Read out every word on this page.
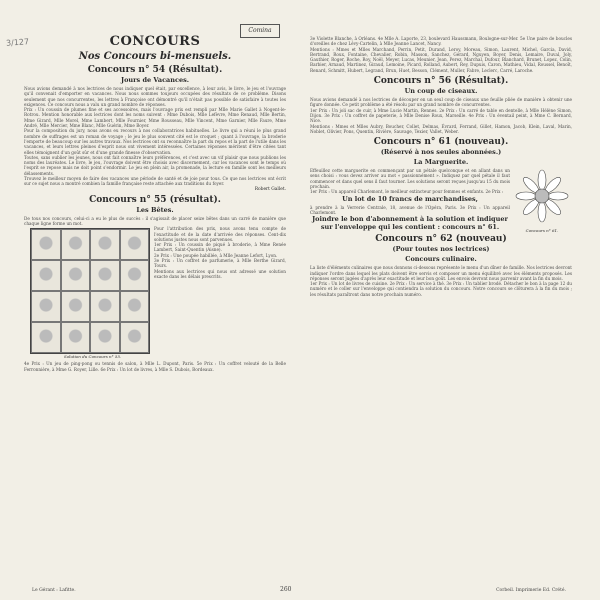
3/127
Comina
CONCOURS
Nos Concours bi-mensuels.
Concours n° 54 (Résultat).
Jours de Vacances.

Nous avions demandé à nos lectrices de nous indiquer quel était, par excellence, à leur avis, le livre, le jeu et l'ouvrage qu'il convenait d'emporter en vacances. Nous nous sommes toujours occupées des résultats de ce problème. Disons seulement que nos concurrentes, les lettres à Françoise ont démontré qu'il n'était pas possible de satisfaire à toutes les exigences. Ce concours nous a valu un grand nombre de réponses.

Prix : Un coussin de plumes fine et ses accessoires, mais l'ouvrage prix est rempli par Mlle Marie Gallet à Nogent-le-Rotrou. Mention honorable aux lectrices dont les noms suivent : Mme Dubois, Mlle Lefèvre, Mme Renaud, Mlle Bertin, Mme Girard, Mlle Morel, Mme Lambert, Mlle Fournier, Mme Rousseau, Mlle Vincent, Mme Garnier, Mlle Faure, Mme André, Mlle Mercier, Mme Blanc, Mlle Guérin, Mme Boyer.

Pour la composition du jury, nous avons eu recours à nos collaboratrices habituelles. Le livre qui a réuni le plus grand nombre de suffrages est un roman de voyage ; le jeu le plus souvent cité est le croquet ; quant à l'ouvrage, la broderie l'emporte de beaucoup sur les autres travaux. Nos lectrices ont su reconnaître la part du repos et la part de l'utile dans les vacances, et leurs lettres pleines d'esprit nous ont vivement intéressées. Certaines réponses méritent d'être citées tant elles témoignent d'un goût sûr et d'une grande finesse d'observation.

Toutes, sans oublier les jeunes, nous ont fait connaître leurs préférences, et c'est avec un vif plaisir que nous publions les noms des lauréates. Le livre, le jeu, l'ouvrage doivent être choisis avec discernement, car les vacances sont le temps où l'esprit se repose mais ne doit point s'endormir. Le jeu en plein air, la promenade, la lecture en famille sont les meilleurs délassements.

Trouvez le meilleur moyen de faire des vacances une période de santé et de joie pour tous. Ce que nos lectrices ont écrit sur ce sujet nous a montré combien la famille française reste attachée aux traditions du foyer.

Robert Gallet.
Concours n° 55 (résultat).
Les Bêtes.

De tous nos concours, celui-ci a eu le plus de succès : il s'agissait de placer seize bêtes dans un carré de manière que chaque ligne forme un mot.

Pour l'attribution des prix, nous avons tenu compte de l'exactitude et de la date d'arrivée des réponses. Cent-dix solutions justes nous sont parvenues.

1er Prix : Un coussin de piqué à broderie, à Mme Renée Lambert, Saint-Quentin (Aisne).

2e Prix : Une poupée habillée, à Mlle Jeanne Lefort, Lyon.

3e Prix : Un coffret de parfumerie, à Mlle Berthe Girard, Tours.

Mentions aux lectrices qui nous ont adressé une solution exacte dans les délais prescrits.

Solution du Concours n° 55.

4e Prix : Un jeu de ping-pong ou tennis de salon, à Mlle L. Dupont, Paris. 5e Prix : Un coffret velouté de la Belle Ferronnière, à Mme G. Royer, Lille. 6e Prix : Un lot de livres, à Mlle S. Dubois, Bordeaux.

3e Violette Blanche, à Orléans. 4e Mlle A. Laporte, 23, boulevard Haussmann, Boulogne-sur-Mer. 5e Une paire de boucles d'oreilles de chez Lévy-Cartelin, à Mlle Jeanne Lancet, Nancy.

Mentions : Mmes et Mlles Marchand, Perrin, Petit, Durand, Leroy, Moreau, Simon, Laurent, Michel, Garcia, David, Bertrand, Roux, Fontaine, Chevalier, Robin, Masson, Sanchez, Gérard, Nguyen, Boyer, Denis, Lemaire, Duval, Joly, Gauthier, Roger, Roche, Roy, Noël, Meyer, Lucas, Meunier, Jean, Perez, Marchal, Dufour, Blanchard, Brunet, Lopez, Colin, Barbier, Arnaud, Martinez, Giraud, Lemoine, Picard, Rolland, Aubert, Rey, Dupuis, Caron, Mathieu, Vidal, Roussel, Benoît, Renard, Schmitt, Hubert, Legrand, Brun, Huet, Besson, Clément, Muller, Fabre, Leclerc, Carré, Laroche.

Concours n° 56 (Résultat).
Un coup de ciseaux.

Nous avions demandé à nos lectrices de découper en un seul coup de ciseaux une feuille pliée de manière à obtenir une figure donnée. Ce petit problème a été résolu par un grand nombre de concurrentes.

1er Prix : Un joli sac de cuir, à Mme Lucie Martin, Rennes. 2e Prix : Un carré de table en dentelle, à Mlle Hélène Simon, Dijon. 3e Prix : Un coffret de papeterie, à Mlle Denise Roux, Marseille. 4e Prix : Un éventail peint, à Mme C. Bernard, Nice.

Mentions : Mmes et Mlles Aubry, Boucher, Collet, Delmas, Évrard, Ferrand, Gillet, Hamon, Jacob, Klein, Laval, Marin, Noblet, Olivier, Pons, Quentin, Rivière, Sauvage, Texier, Vallet, Weber.

Concours n° 61 (nouveau).
(Réservé à nos seules abonnées.)
La Marguerite.
Concours n° 61.

Effeuillez cette marguerite en commençant par un pétale quelconque et en allant dans un sens choisi : vous devez arriver au mot « passionnément ». Indiquez par quel pétale il faut commencer et dans quel sens il faut tourner. Les solutions seront reçues jusqu'au 15 du mois prochain.

1er Prix : Un appareil Charlemont, le meilleur extincteur pour femmes et enfants. 2e Prix :

Un lot de 10 francs de marchandises,

à prendre à la Verrerie Centrale, 18, avenue de l'Opéra, Paris. 3e Prix : Un appareil Charlemont.

Joindre le bon d'abonnement à la solution et indiquer sur l'enveloppe qui les contient : concours n° 61.
Concours n° 62 (nouveau)
(Pour toutes nos lectrices)
Concours culinaire.

La liste d'éléments culinaires que nous donnons ci-dessous représente le menu d'un dîner de famille. Nos lectrices devront indiquer l'ordre dans lequel les plats doivent être servis et composer un menu équilibré avec les éléments proposés. Les réponses seront jugées d'après leur exactitude et leur bon goût. Les envois devront nous parvenir avant la fin du mois.

1er Prix : Un lot de livres de cuisine. 2e Prix : Un service à thé. 3e Prix : Un tablier brodé. Détacher le bon à la page 12 du numéro et le coller sur l'enveloppe qui contiendra la solution du concours. Notre concours se clôturera à la fin du mois ; les résultats paraîtront dans notre prochain numéro.

Le Gérant : Lafitte.	260	Corbeil. Imprimerie Ed. Crété.
